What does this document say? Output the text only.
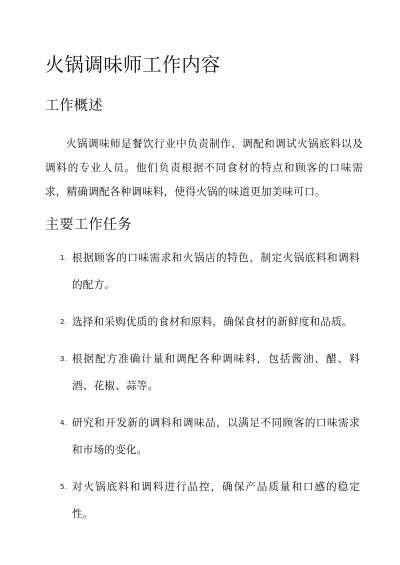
火锅调味师工作内容
工作概述

火锅调味师是餐饮行业中负责制作、调配和调试火锅底料以及调料的专业人员。他们负责根据不同食材的特点和顾客的口味需求，精确调配各种调味料，使得火锅的味道更加美味可口。

主要工作任务
1. 根据顾客的口味需求和火锅店的特色，制定火锅底料和调料的配方。
2. 选择和采购优质的食材和原料，确保食材的新鲜度和品质。
3. 根据配方准确计量和调配各种调味料，包括酱油、醋、料酒、花椒、蒜等。
4. 研究和开发新的调料和调味品，以满足不同顾客的口味需求和市场的变化。
5. 对火锅底料和调料进行品控，确保产品质量和口感的稳定性。
